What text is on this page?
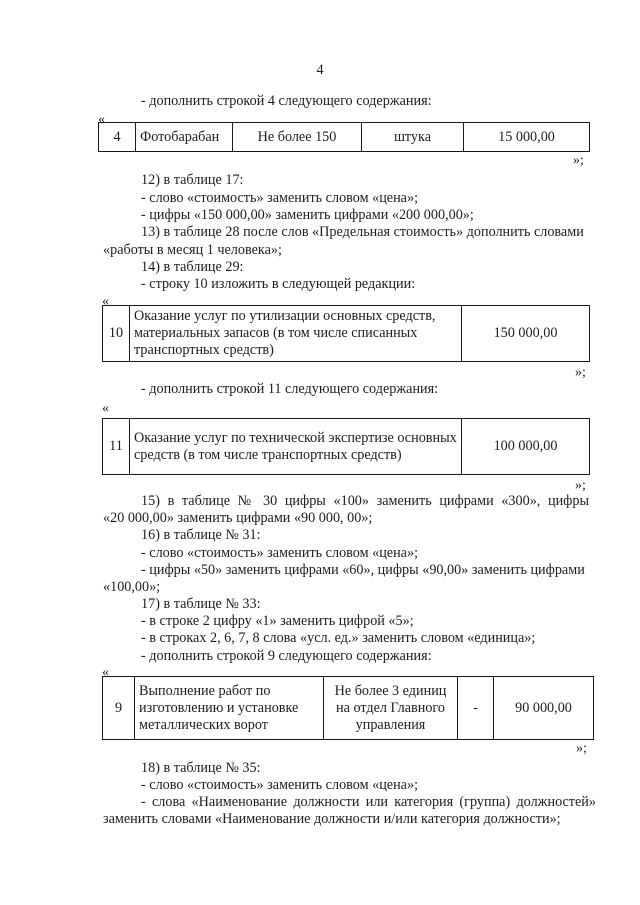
4
- дополнить строкой 4 следующего содержания:
«
4	Фотобарабан	Не более 150	штука	15 000,00
»;
12) в таблице 17:
- слово «стоимость» заменить словом «цена»;
- цифры «150 000,00» заменить цифрами «200 000,00»;
13) в таблице 28 после слов «Предельная стоимость» дополнить словами
«работы в месяц 1 человека»;
14) в таблице 29:
- строку 10 изложить в следующей редакции:
«
10	Оказание услуг по утилизации основных средств, материальных запасов (в том числе списанных транспортных средств)	150 000,00
»;
- дополнить строкой 11 следующего содержания:
«
11	Оказание услуг по технической экспертизе основных средств (в том числе транспортных средств)	100 000,00
»;
15) в таблице № 30 цифры «100» заменить цифрами «300», цифры
«20 000,00» заменить цифрами «90 000, 00»;
16) в таблице № 31:
- слово «стоимость» заменить словом «цена»;
- цифры «50» заменить цифрами «60», цифры «90,00» заменить цифрами
«100,00»;
17) в таблице № 33:
- в строке 2 цифру «1» заменить цифрой «5»;
- в строках 2, 6, 7, 8 слова «усл. ед.» заменить словом «единица»;
- дополнить строкой 9 следующего содержания:
«
9	Выполнение работ по изготовлению и установке металлических ворот	Не более 3 единиц на отдел Главного управления	-	90 000,00
»;
18) в таблице № 35:
- слово «стоимость» заменить словом «цена»;
- слова «Наименование должности или категория (группа) должностей»
заменить словами «Наименование должности и/или категория должности»;
